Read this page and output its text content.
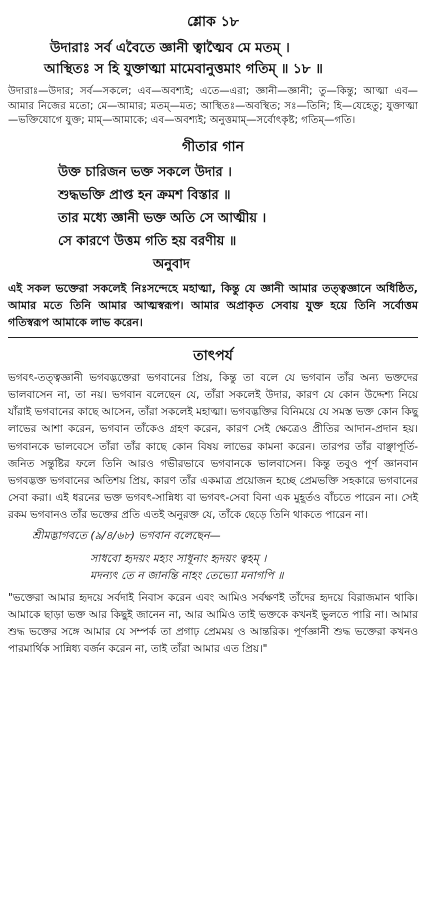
শ্লোক ১৮
উদারাঃ সর্ব এবৈতে জ্ঞানী ত্বাত্মৈব মে মতম্ ।
আস্থিতঃ স হি যুক্তাত্মা মামেবানুত্তমাং গতিম্ ॥ ১৮ ॥
উদারাঃ—উদার; সর্ব—সকলে; এব—অবশ্যই; এতে—এরা; জ্ঞানী—জ্ঞানী; তু—কিন্তু; আত্মা এব—আমার নিজের মতো; মে—আমার; মতম্—মত; আস্থিতঃ—অবস্থিত; সঃ—তিনি; হি—যেহেতু; যুক্তাত্মা—ভক্তিযোগে যুক্ত; মাম্—আমাকে; এব—অবশ্যই; অনুত্তমাম্—সর্বোৎকৃষ্ট; গতিম্—গতি।
গীতার গান
উক্ত চারিজন ভক্ত সকলে উদার ।
শুদ্ধভক্তি প্রাপ্ত হন ক্রমশ বিস্তার ॥
তার মধ্যে জ্ঞানী ভক্ত অতি সে আত্মীয় ।
সে কারণে উত্তম গতি হয় বরণীয় ॥
অনুবাদ
এই সকল ভক্তেরা সকলেই নিঃসন্দেহে মহাত্মা, কিন্তু যে জ্ঞানী আমার তত্ত্বজ্ঞানে অধিষ্ঠিত, আমার মতে তিনি আমার আত্মস্বরূপ। আমার অপ্রাকৃত সেবায় যুক্ত হয়ে তিনি সর্বোত্তম গতিস্বরূপ আমাকে লাভ করেন।
তাৎপর্য
ভগবৎ-তত্ত্বজ্ঞানী ভগবদ্ভক্তেরা ভগবানের প্রিয়, কিন্তু তা বলে যে ভগবান তাঁর অন্য ভক্তদের ভালবাসেন না, তা নয়। ভগবান বলেছেন যে, তাঁরা সকলেই উদার, কারণ যে কোন উদ্দেশ্য নিয়ে যাঁরাই ভগবানের কাছে আসেন, তাঁরা সকলেই মহাত্মা। ভগবদ্ভক্তির বিনিময়ে যে সমস্ত ভক্ত কোন কিছু লাভের আশা করেন, ভগবান তাঁকেও গ্রহণ করেন, কারণ সেই ক্ষেত্রেও প্রীতির আদান-প্রদান হয়। ভগবানকে ভালবেসে তাঁরা তাঁর কাছে কোন বিষয় লাভের কামনা করেন। তারপর তাঁর বাঞ্ছাপূর্তি-জনিত সন্তুষ্টির ফলে তিনি আরও গভীরভাবে ভগবানকে ভালবাসেন। কিন্তু তবুও পূর্ণ জ্ঞানবান ভগবদ্ভক্ত ভগবানের অতিশয় প্রিয়, কারণ তাঁর একমাত্র প্রয়োজন হচ্ছে প্রেমভক্তি সহকারে ভগবানের সেবা করা। এই ধরনের ভক্ত ভগবৎ-সান্নিধ্য বা ভগবৎ-সেবা বিনা এক মুহূর্তও বাঁচতে পারেন না। সেই রকম ভগবানও তাঁর ভক্তের প্রতি এতই অনুরক্ত যে, তাঁকে ছেড়ে তিনি থাকতে পারেন না।
শ্রীমদ্ভাগবতে (৯/৪/৬৮) ভগবান বলেছেন—
সাধবো হৃদয়ং মহ্যং সাধূনাং হৃদয়ং ত্বহম্ ।
মদন্যৎ তে ন জানন্তি নাহং তেভ্যো মনাগপি ॥
"ভক্তেরা আমার হৃদয়ে সর্বদাই নিবাস করেন এবং আমিও সর্বক্ষণই তাঁদের হৃদয়ে বিরাজমান থাকি। আমাকে ছাড়া ভক্ত আর কিছুই জানেন না, আর আমিও তাই ভক্তকে কখনই ভুলতে পারি না। আমার শুদ্ধ ভক্তের সঙ্গে আমার যে সম্পর্ক তা প্রগাঢ় প্রেমময় ও আন্তরিক। পূর্ণজ্ঞানী শুদ্ধ ভক্তেরা কখনও পারমার্থিক সান্নিধ্য বর্জন করেন না, তাই তাঁরা আমার এত প্রিয়।"
